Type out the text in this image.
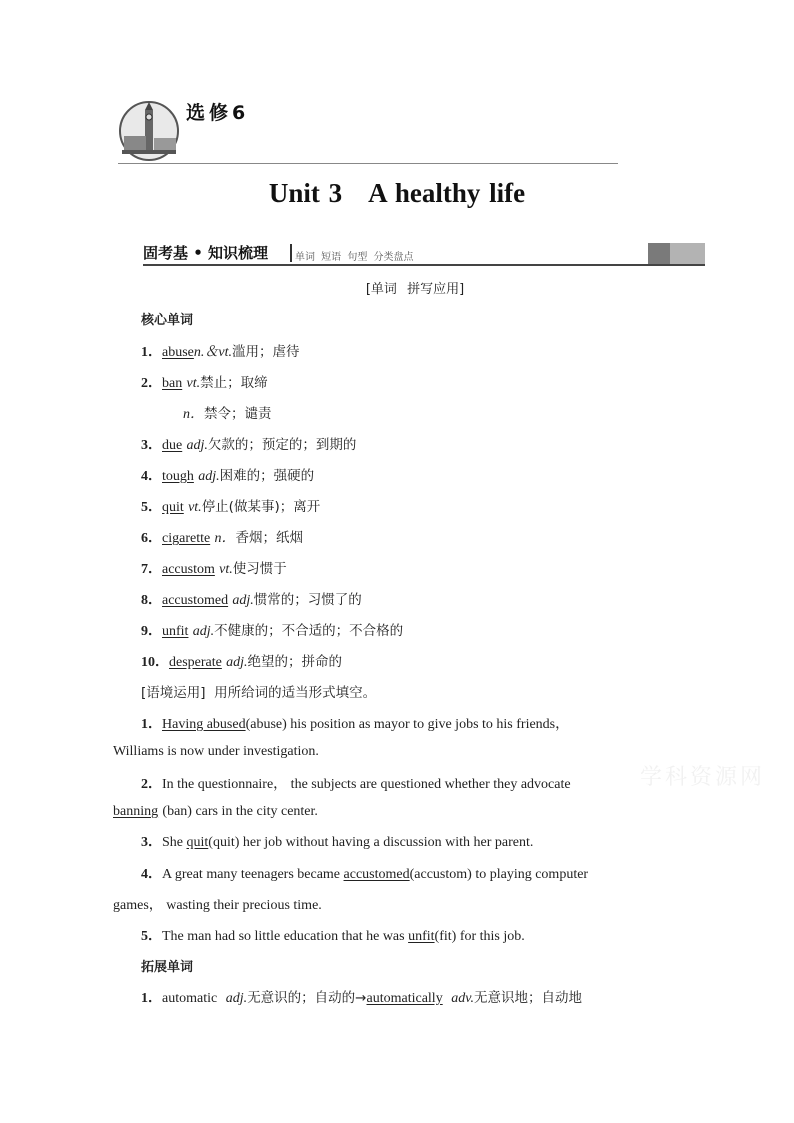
选修6
Unit 3 A healthy life
固考基 • 知识梳理	单词 短语 句型 分类盘点
[单词 拼写应用]
核心单词
1．abusen.＆vt.滥用；虐待
2．ban vt.禁止；取缔
n．禁令；谴责
3．due adj.欠款的；预定的；到期的
4．tough adj.困难的；强硬的
5．quit vt.停止(做某事)；离开
6．cigarette n．香烟；纸烟
7．accustom vt.使习惯于
8．accustomed adj.惯常的；习惯了的
9．unfit adj.不健康的；不合适的；不合格的
10．desperate adj.绝望的；拼命的
[语境运用] 用所给词的适当形式填空。
1．Having abused(abuse) his position as mayor to give jobs to his friends，
Williams is now under investigation.
2．In the questionnaire， the subjects are questioned whether they advocate
banning (ban) cars in the city center.
3．She quit(quit) her job without having a discussion with her parent.
4．A great many teenagers became accustomed(accustom) to playing computer
games， wasting their precious time.
5．The man had so little education that he was unfit(fit) for this job.
拓展单词
1．automatic adj.无意识的；自动的→automatically adv.无意识地；自动地
学科资源网
